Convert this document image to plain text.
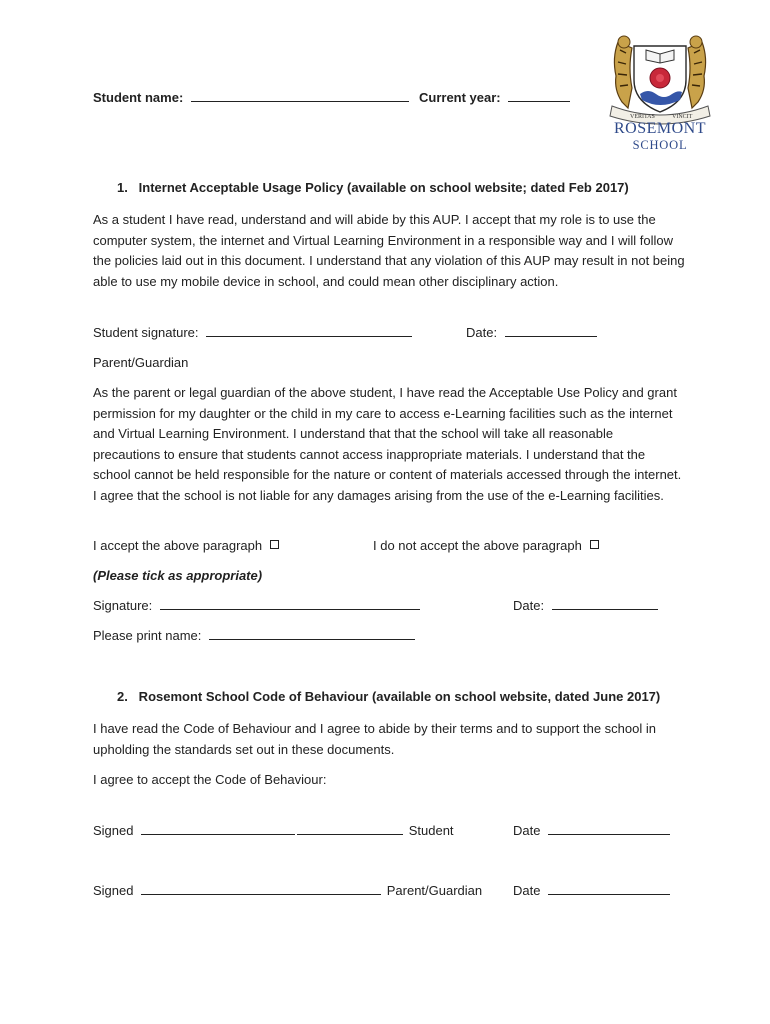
Student name:	Current year:
VERITAS	VINCIT
ROSEMONT
SCHOOL
1.   Internet Acceptable Usage Policy (available on school website; dated Feb 2017)
As a student I have read, understand and will abide by this AUP. I accept that my role is to use the computer system, the internet and Virtual Learning Environment in a responsible way and I will follow the policies laid out in this document. I understand that any violation of this AUP may result in not being able to use my mobile device in school, and could mean other disciplinary action.
Student signature:	Date:
Parent/Guardian
As the parent or legal guardian of the above student, I have read the Acceptable Use Policy and grant permission for my daughter or the child in my care to access e-Learning facilities such as the internet and Virtual Learning Environment. I understand that that the school will take all reasonable precautions to ensure that students cannot access inappropriate materials. I understand that the school cannot be held responsible for the nature or content of materials accessed through the internet. I agree that the school is not liable for any damages arising from the use of the e-Learning facilities.
I accept the above paragraph	I do not accept the above paragraph
(Please tick as appropriate)
Signature:	Date:
Please print name:
2.   Rosemont School Code of Behaviour (available on school website, dated June 2017)
I have read the Code of Behaviour and I agree to abide by their terms and to support the school in upholding the standards set out in these documents.
I agree to accept the Code of Behaviour:
Signed	Student	Date
Signed	Parent/Guardian Date
